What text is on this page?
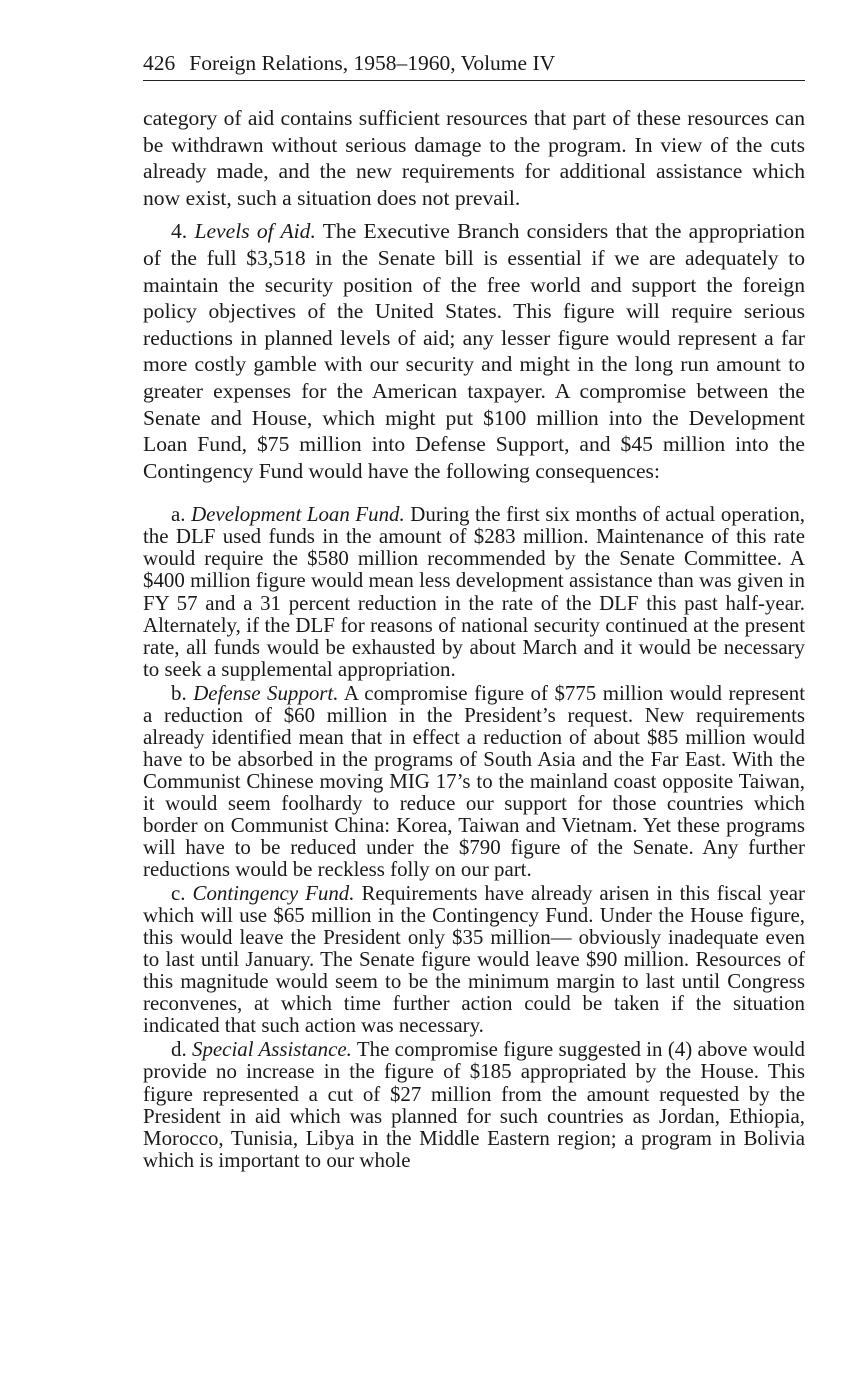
426 Foreign Relations, 1958–1960, Volume IV

category of aid contains sufficient resources that part of these resources can be withdrawn without serious damage to the program. In view of the cuts already made, and the new requirements for additional assistance which now exist, such a situation does not prevail.

4. Levels of Aid. The Executive Branch considers that the appropriation of the full $3,518 in the Senate bill is essential if we are adequately to maintain the security position of the free world and support the foreign policy objectives of the United States. This figure will require serious reductions in planned levels of aid; any lesser figure would represent a far more costly gamble with our security and might in the long run amount to greater expenses for the American taxpayer. A compromise between the Senate and House, which might put $100 million into the Development Loan Fund, $75 million into Defense Support, and $45 million into the Contingency Fund would have the following consequences:

a. Development Loan Fund. During the first six months of actual operation, the DLF used funds in the amount of $283 million. Maintenance of this rate would require the $580 million recommended by the Senate Committee. A $400 million figure would mean less development assistance than was given in FY 57 and a 31 percent reduction in the rate of the DLF this past half-year. Alternately, if the DLF for reasons of national security continued at the present rate, all funds would be exhausted by about March and it would be necessary to seek a supplemental appropriation.

b. Defense Support. A compromise figure of $775 million would represent a reduction of $60 million in the President’s request. New requirements already identified mean that in effect a reduction of about $85 million would have to be absorbed in the programs of South Asia and the Far East. With the Communist Chinese moving MIG 17’s to the mainland coast opposite Taiwan, it would seem foolhardy to reduce our support for those countries which border on Communist China: Korea, Taiwan and Vietnam. Yet these programs will have to be reduced under the $790 figure of the Senate. Any further reductions would be reckless folly on our part.

c. Contingency Fund. Requirements have already arisen in this fiscal year which will use $65 million in the Contingency Fund. Under the House figure, this would leave the President only $35 million— obviously inadequate even to last until January. The Senate figure would leave $90 million. Resources of this magnitude would seem to be the minimum margin to last until Congress reconvenes, at which time further action could be taken if the situation indicated that such action was necessary.

d. Special Assistance. The compromise figure suggested in (4) above would provide no increase in the figure of $185 appropriated by the House. This figure represented a cut of $27 million from the amount requested by the President in aid which was planned for such countries as Jordan, Ethiopia, Morocco, Tunisia, Libya in the Middle Eastern region; a program in Bolivia which is important to our whole
